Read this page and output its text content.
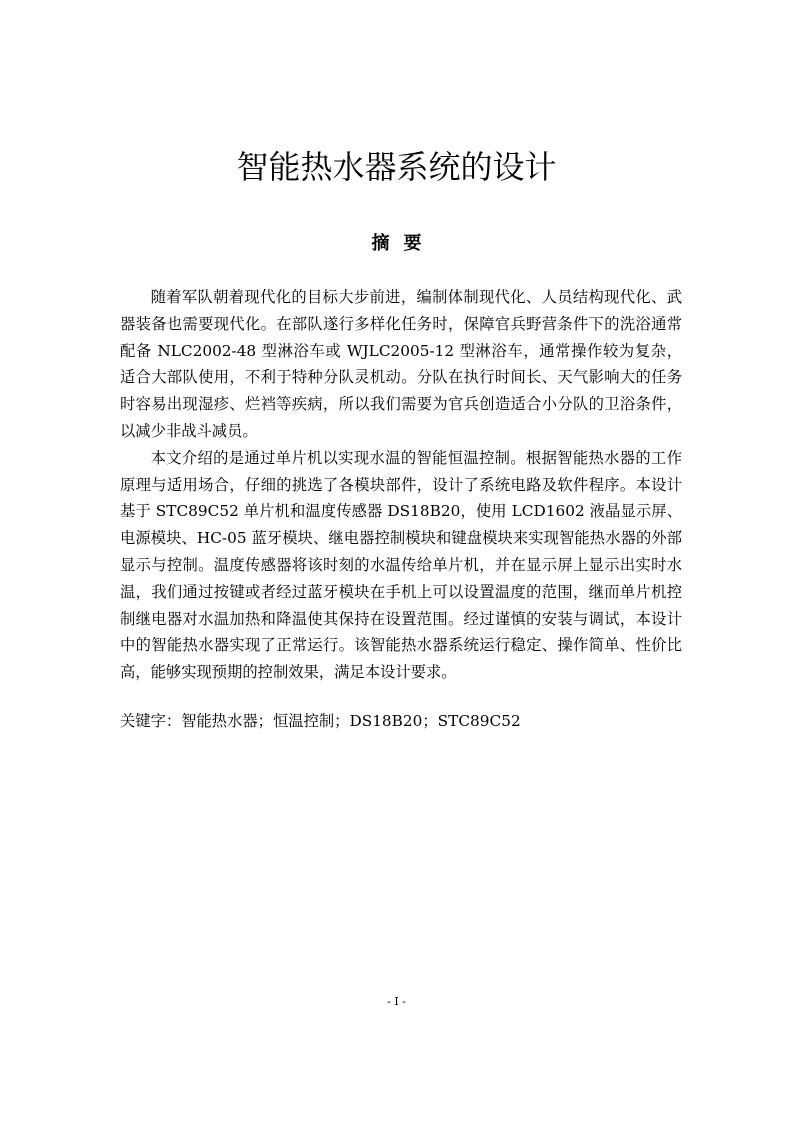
智能热水器系统的设计
摘要

随着军队朝着现代化的目标大步前进，编制体制现代化、人员结构现代化、武器装备也需要现代化。在部队遂行多样化任务时，保障官兵野营条件下的洗浴通常配备 NLC2002-48 型淋浴车或 WJLC2005-12 型淋浴车，通常操作较为复杂，适合大部队使用，不利于特种分队灵机动。分队在执行时间长、天气影响大的任务时容易出现湿疹、烂裆等疾病，所以我们需要为官兵创造适合小分队的卫浴条件，以减少非战斗减员。

本文介绍的是通过单片机以实现水温的智能恒温控制。根据智能热水器的工作原理与适用场合，仔细的挑选了各模块部件，设计了系统电路及软件程序。本设计基于 STC89C52 单片机和温度传感器 DS18B20，使用 LCD1602 液晶显示屏、电源模块、HC-05 蓝牙模块、继电器控制模块和键盘模块来实现智能热水器的外部显示与控制。温度传感器将该时刻的水温传给单片机，并在显示屏上显示出实时水温，我们通过按键或者经过蓝牙模块在手机上可以设置温度的范围，继而单片机控制继电器对水温加热和降温使其保持在设置范围。经过谨慎的安装与调试，本设计中的智能热水器实现了正常运行。该智能热水器系统运行稳定、操作简单、性价比高，能够实现预期的控制效果，满足本设计要求。

关键字：智能热水器；恒温控制；DS18B20；STC89C52
- I -
